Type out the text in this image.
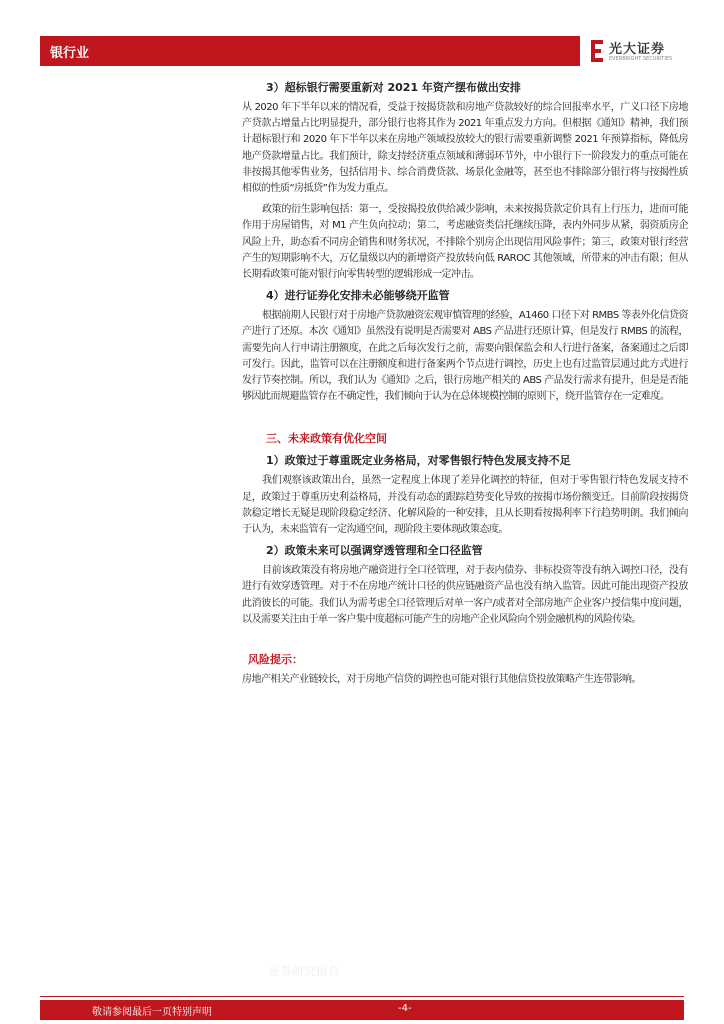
银行业	光大证券
EVERBRIGHT SECURITIES
3）超标银行需要重新对 2021 年资产摆布做出安排

从 2020 年下半年以来的情况看，受益于按揭贷款和房地产贷款较好的综合回报率水平，广义口径下房地产贷款占增量占比明显提升，部分银行也将其作为 2021 年重点发力方向。但根据《通知》精神，我们预计超标银行和 2020 年下半年以来在房地产领域投放较大的银行需要重新调整 2021 年预算指标，降低房地产贷款增量占比。我们预计，除支持经济重点领域和薄弱环节外，中小银行下一阶段发力的重点可能在非按揭其他零售业务，包括信用卡、综合消费贷款、场景化金融等，甚至也不排除部分银行将与按揭性质相似的性质“房抵贷”作为发力重点。

政策的衍生影响包括：第一，受按揭投放供给减少影响，未来按揭贷款定价具有上行压力，进而可能作用于房屋销售，对 M1 产生负向拉动；第二，考虑融资类信托继续压降，表内外同步从紧，弱资质房企风险上升，助态看不同房企销售和财务状况，不排除个别房企出现信用风险事件；第三，政策对银行经营产生的短期影响不大，万亿量级以内的新增资产投放转向低 RAROC 其他领域，所带来的冲击有限；但从长期看政策可能对银行向零售转型的逻辑形成一定冲击。

4）进行证券化安排未必能够绕开监管

根据前期人民银行对于房地产贷款融资宏观审慎管理的经验，A1460 口径下对 RMBS 等表外化信贷资产进行了还原。本次《通知》虽然没有说明是否需要对 ABS 产品进行还原计算，但是发行 RMBS 的流程，需要先向人行申请注册额度，在此之后每次发行之前，需要向银保监会和人行进行备案，备案通过之后即可发行。因此，监管可以在注册额度和进行备案两个节点进行调控，历史上也有过监管层通过此方式进行发行节奏控制。所以，我们认为《通知》之后，银行房地产相关的 ABS 产品发行需求有提升，但是是否能够因此而规避监管存在不确定性，我们倾向于认为在总体规模控制的原则下，绕开监管存在一定难度。

三、未来政策有优化空间
1）政策过于尊重既定业务格局，对零售银行特色发展支持不足

我们观察该政策出台，虽然一定程度上体现了差异化调控的特征，但对于零售银行特色发展支持不足，政策过于尊重历史利益格局，并没有动态的跟踪趋势变化导致的按揭市场份额变迁。目前阶段按揭贷款稳定增长无疑是现阶段稳定经济、化解风险的一种安排，且从长期看按揭利率下行趋势明朗。我们倾向于认为，未来监管有一定沟通空间，现阶段主要体现政策态度。

2）政策未来可以强调穿透管理和全口径监管

目前该政策没有将房地产融资进行全口径管理，对于表内债券、非标投资等没有纳入调控口径，没有进行有效穿透管理。对于不在房地产统计口径的供应链融资产品也没有纳入监管。因此可能出现资产投放此消彼长的可能。我们认为需考虑全口径管理后对单一客户/或者对全部房地产企业客户授信集中度问题，以及需要关注由于单一客户集中度超标可能产生的房地产企业风险向个别金融机构的风险传染。

风险提示：

房地产相关产业链较长，对于房地产信贷的调控也可能对银行其他信贷投放策略产生连带影响。

证券研究报告
敬请参阅最后一页特别声明	-4-
